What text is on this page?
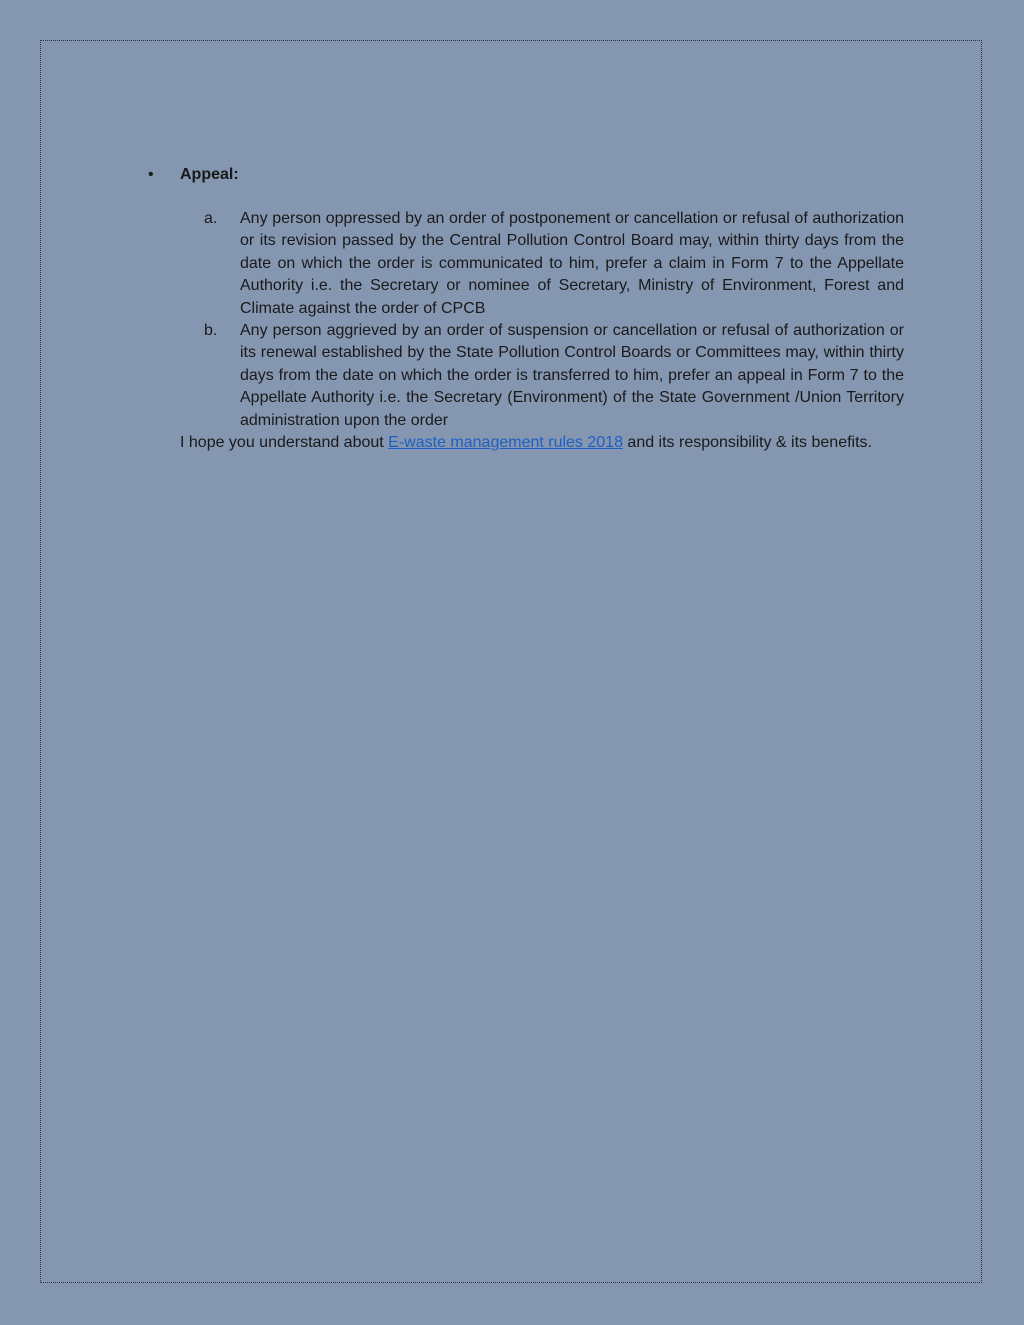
•	Appeal:
a.	Any person oppressed by an order of postponement or cancellation or refusal of authorization or its revision passed by the Central Pollution Control Board may, within thirty days from the date on which the order is communicated to him, prefer a claim in Form 7 to the Appellate Authority i.e. the Secretary or nominee of Secretary, Ministry of Environment, Forest and Climate against the order of CPCB
b.	Any person aggrieved by an order of suspension or cancellation or refusal of authorization or its renewal established by the State Pollution Control Boards or Committees may, within thirty days from the date on which the order is transferred to him, prefer an appeal in Form 7 to the Appellate Authority i.e. the Secretary (Environment) of the State Government /Union Territory administration upon the order
I hope you understand about E-waste management rules 2018 and its responsibility & its benefits.
